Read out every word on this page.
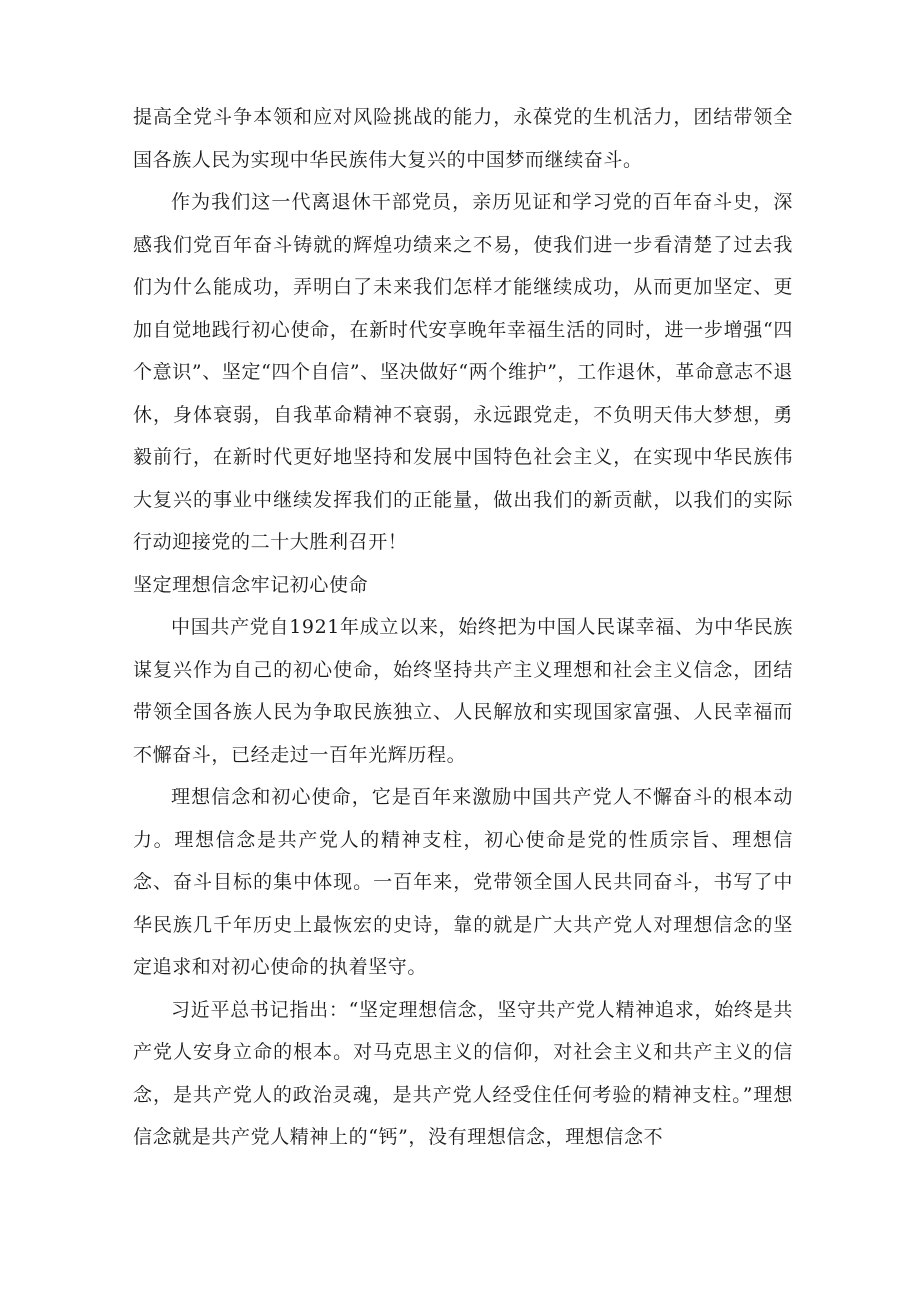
提高全党斗争本领和应对风险挑战的能力，永葆党的生机活力，团结带领全国各族人民为实现中华民族伟大复兴的中国梦而继续奋斗。

作为我们这一代离退休干部党员，亲历见证和学习党的百年奋斗史，深感我们党百年奋斗铸就的辉煌功绩来之不易，使我们进一步看清楚了过去我们为什么能成功，弄明白了未来我们怎样才能继续成功，从而更加坚定、更加自觉地践行初心使命，在新时代安享晚年幸福生活的同时，进一步增强“四个意识”、坚定“四个自信”、坚决做好“两个维护”，工作退休，革命意志不退休，身体衰弱，自我革命精神不衰弱，永远跟党走，不负明天伟大梦想，勇毅前行，在新时代更好地坚持和发展中国特色社会主义，在实现中华民族伟大复兴的事业中继续发挥我们的正能量，做出我们的新贡献，以我们的实际行动迎接党的二十大胜利召开！

坚定理想信念牢记初心使命

中国共产党自1921年成立以来，始终把为中国人民谋幸福、为中华民族谋复兴作为自己的初心使命，始终坚持共产主义理想和社会主义信念，团结带领全国各族人民为争取民族独立、人民解放和实现国家富强、人民幸福而不懈奋斗，已经走过一百年光辉历程。

理想信念和初心使命，它是百年来激励中国共产党人不懈奋斗的根本动力。理想信念是共产党人的精神支柱，初心使命是党的性质宗旨、理想信念、奋斗目标的集中体现。一百年来，党带领全国人民共同奋斗，书写了中华民族几千年历史上最恢宏的史诗，靠的就是广大共产党人对理想信念的坚定追求和对初心使命的执着坚守。

习近平总书记指出：“坚定理想信念，坚守共产党人精神追求，始终是共产党人安身立命的根本。对马克思主义的信仰，对社会主义和共产主义的信念，是共产党人的政治灵魂，是共产党人经受住任何考验的精神支柱。”理想信念就是共产党人精神上的“钙”，没有理想信念，理想信念不
